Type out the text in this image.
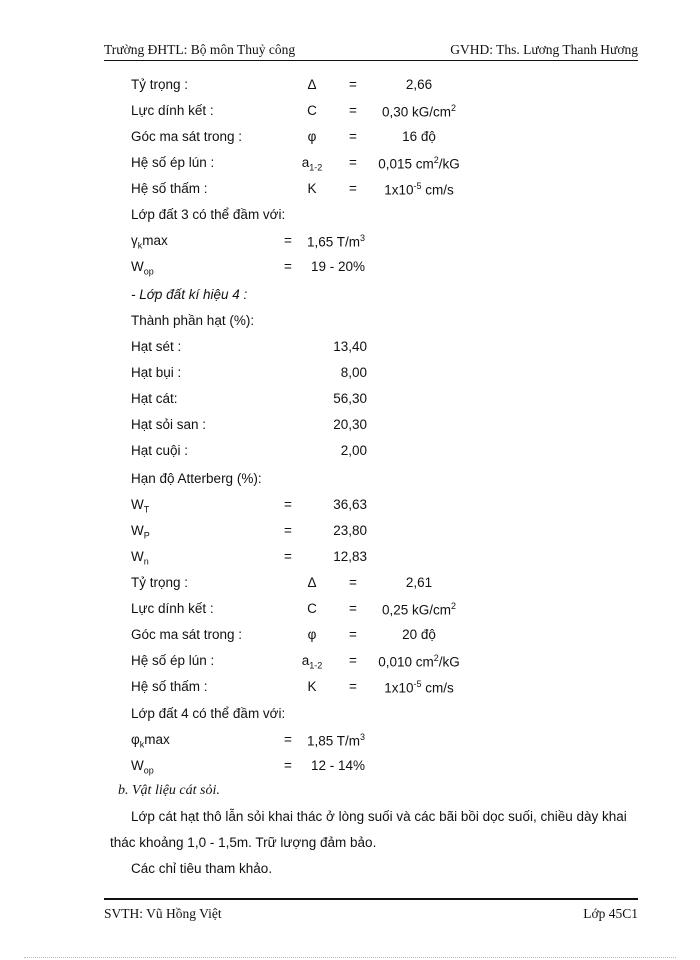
Trường ĐHTL: Bộ môn Thuỷ công	GVHD: Ths. Lương Thanh Hương
Tỷ trọng :	Δ	=	2,66
Lực dính kết :	C	=	0,30 $kG/cm^2$
Góc ma sát trong :	φ	=	16 độ
Hệ số ép lún :	$a_{1-2}$	=	0,015 $cm^2/kG$
Hệ số thấm :	K	=	$1x10^{-5}$ cm/s
Lớp đất 3 có thể đầm với:
$\gamma_k\max$	=	1,65 $T/m^3$
$W_{op}$	=	19 - 20%
- Lớp đất kí hiệu 4 :
Thành phần hạt (%):
Hạt sét :	13,40
Hạt bụi :	8,00
Hạt cát:	56,30
Hạt sỏi san :	20,30
Hạt cuội :	2,00
Hạn độ Atterberg (%):
$W_T$	=	36,63
$W_P$	=	23,80
$W_n$	=	12,83
Tỷ trọng :	Δ	=	2,61
Lực dính kết :	C	=	0,25 $kG/cm^2$
Góc ma sát trong :	φ	=	20 độ
Hệ số ép lún :	$a_{1-2}$	=	0,010 $cm^2/kG$
Hệ số thấm :	K	=	$1x10^{-5}$ cm/s
Lớp đất 4 có thể đầm với:
$\varphi_k\max$	=	1,85 $T/m^3$
$W_{op}$	=	12 - 14%
b. Vật liệu cát sỏi.
Lớp cát hạt thô lẫn sỏi khai thác ở lòng suối và các bãi bồi dọc suối, chiều dày khai
thác khoảng 1,0 - 1,5m. Trữ lượng đảm bảo.
Các chỉ tiêu tham khảo.
SVTH: Vũ Hồng Việt	Lớp 45C1
